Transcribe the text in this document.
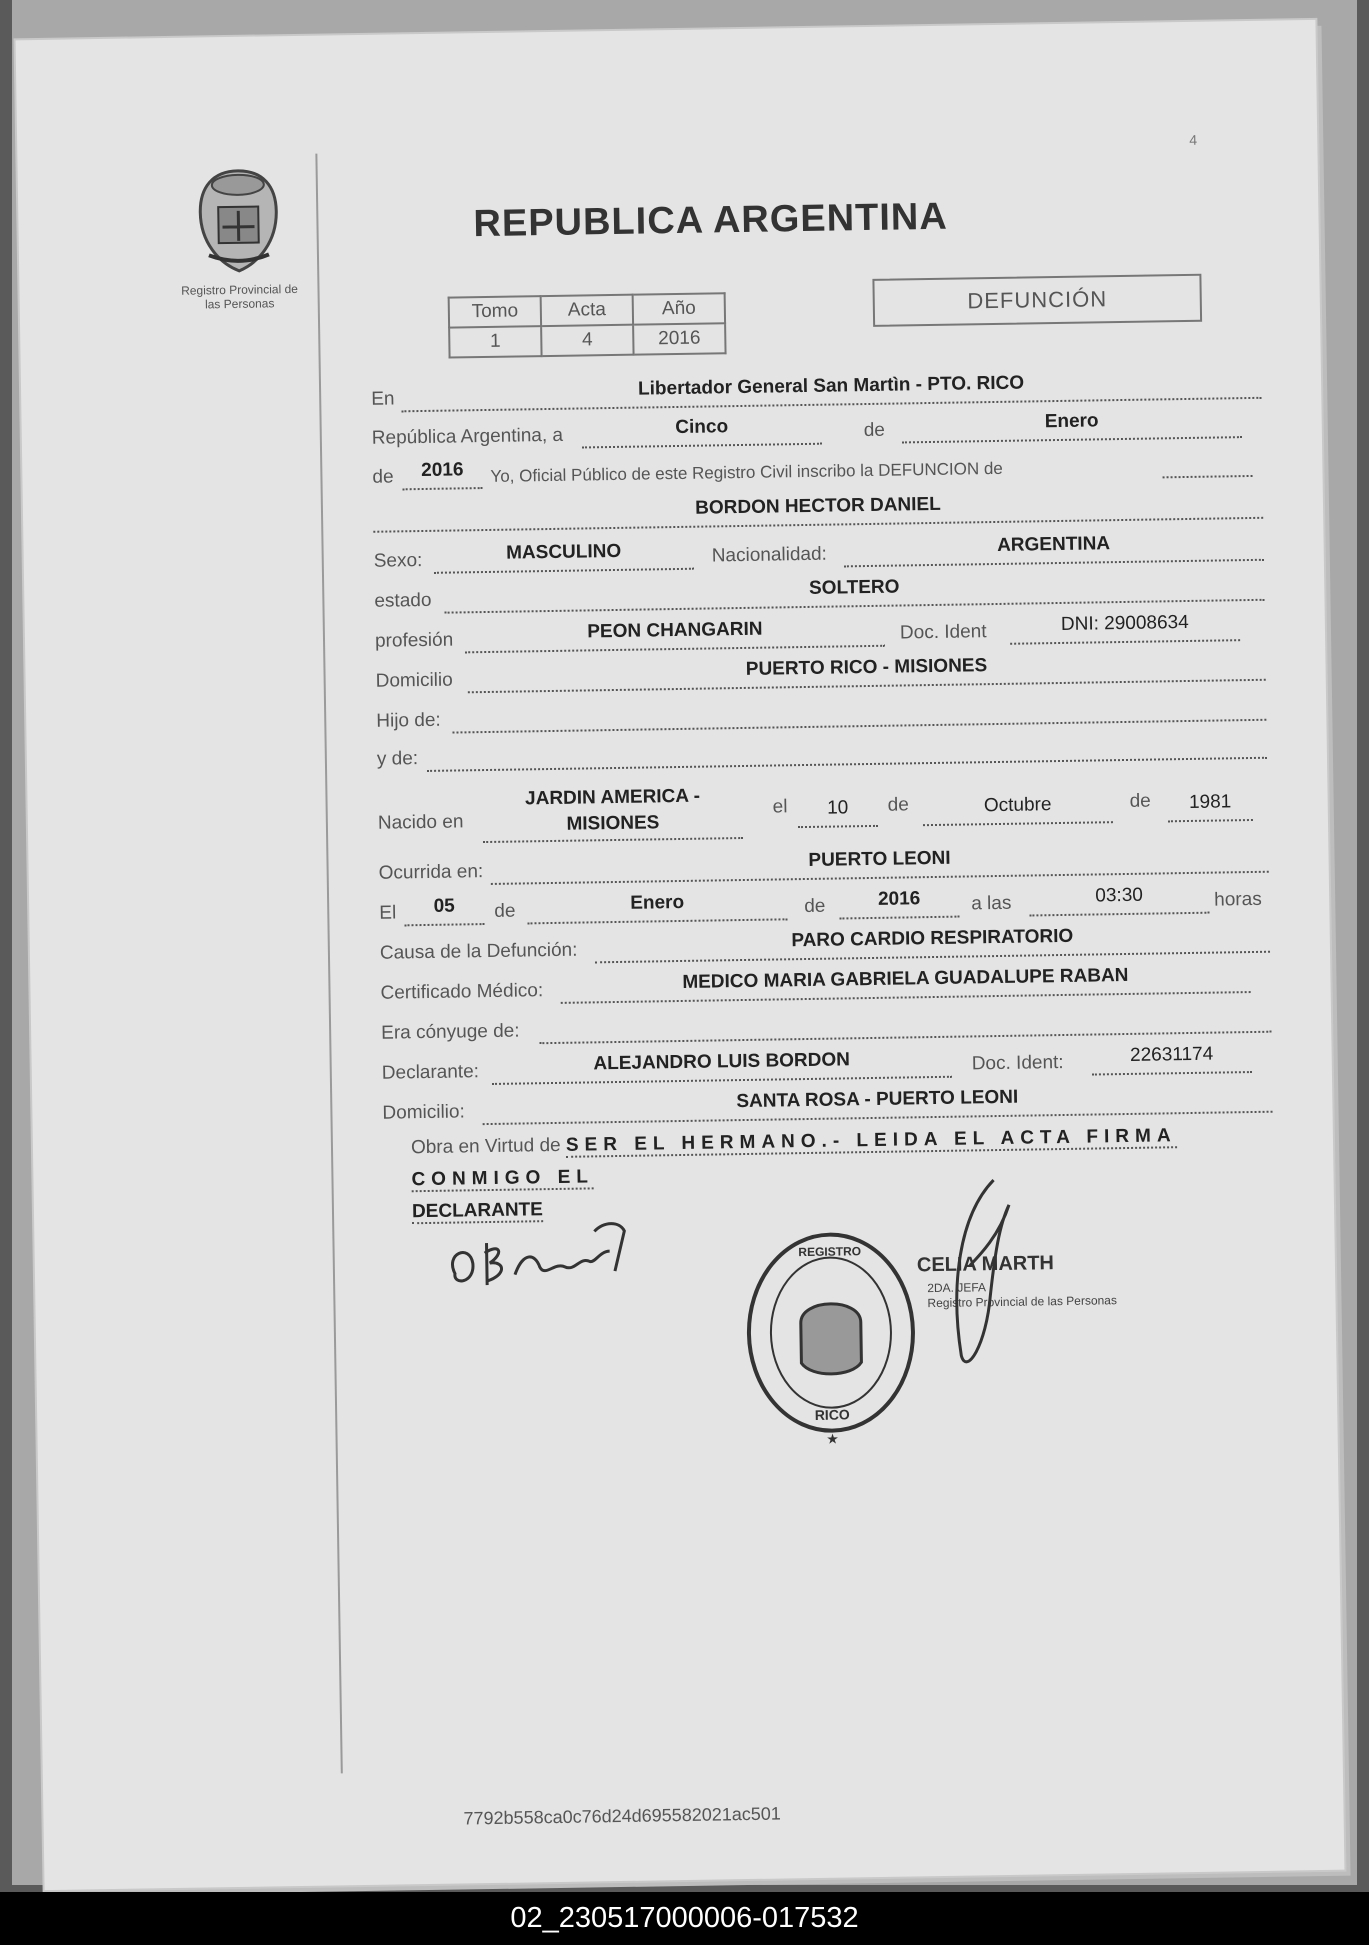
4
Registro Provincial de
las Personas
REPUBLICA ARGENTINA
Tomo	Acta	Año
1	4	2016
DEFUNCIÓN
En	Libertador General San Martìn - PTO. RICO
República Argentina, a	Cinco	de	Enero
de	2016	Yo, Oficial Público de este Registro Civil inscribo la DEFUNCION de
BORDON HECTOR DANIEL
Sexo:	MASCULINO	Nacionalidad:	ARGENTINA
estado
SOLTERO
profesión	PEON CHANGARIN	Doc. Ident	DNI: 29008634
Domicilio
PUERTO RICO - MISIONES
Hijo de:
y de:
Nacido en
JARDIN AMERICA -
MISIONES
el	10	de	Octubre	de	1981
Ocurrida en:
PUERTO LEONI
El	05	de	Enero	de	2016	a las	03:30	horas
Causa de la Defunción:
PARO CARDIO RESPIRATORIO
Certificado Médico:	MEDICO MARIA GABRIELA GUADALUPE RABAN
Era cónyuge de:
Declarante:	ALEJANDRO LUIS BORDON	Doc. Ident:	22631174
Domicilio:
SANTA ROSA - PUERTO LEONI
Obra en Virtud de SER EL HERMANO.- LEIDA EL ACTA FIRMA CONMIGO EL
DECLARANTE
REGISTRO
RICO
★
CELIA MARTH
2DA. JEFA
Registro Provincial de las Personas
7792b558ca0c76d24d695582021ac501
02_230517000006-017532
